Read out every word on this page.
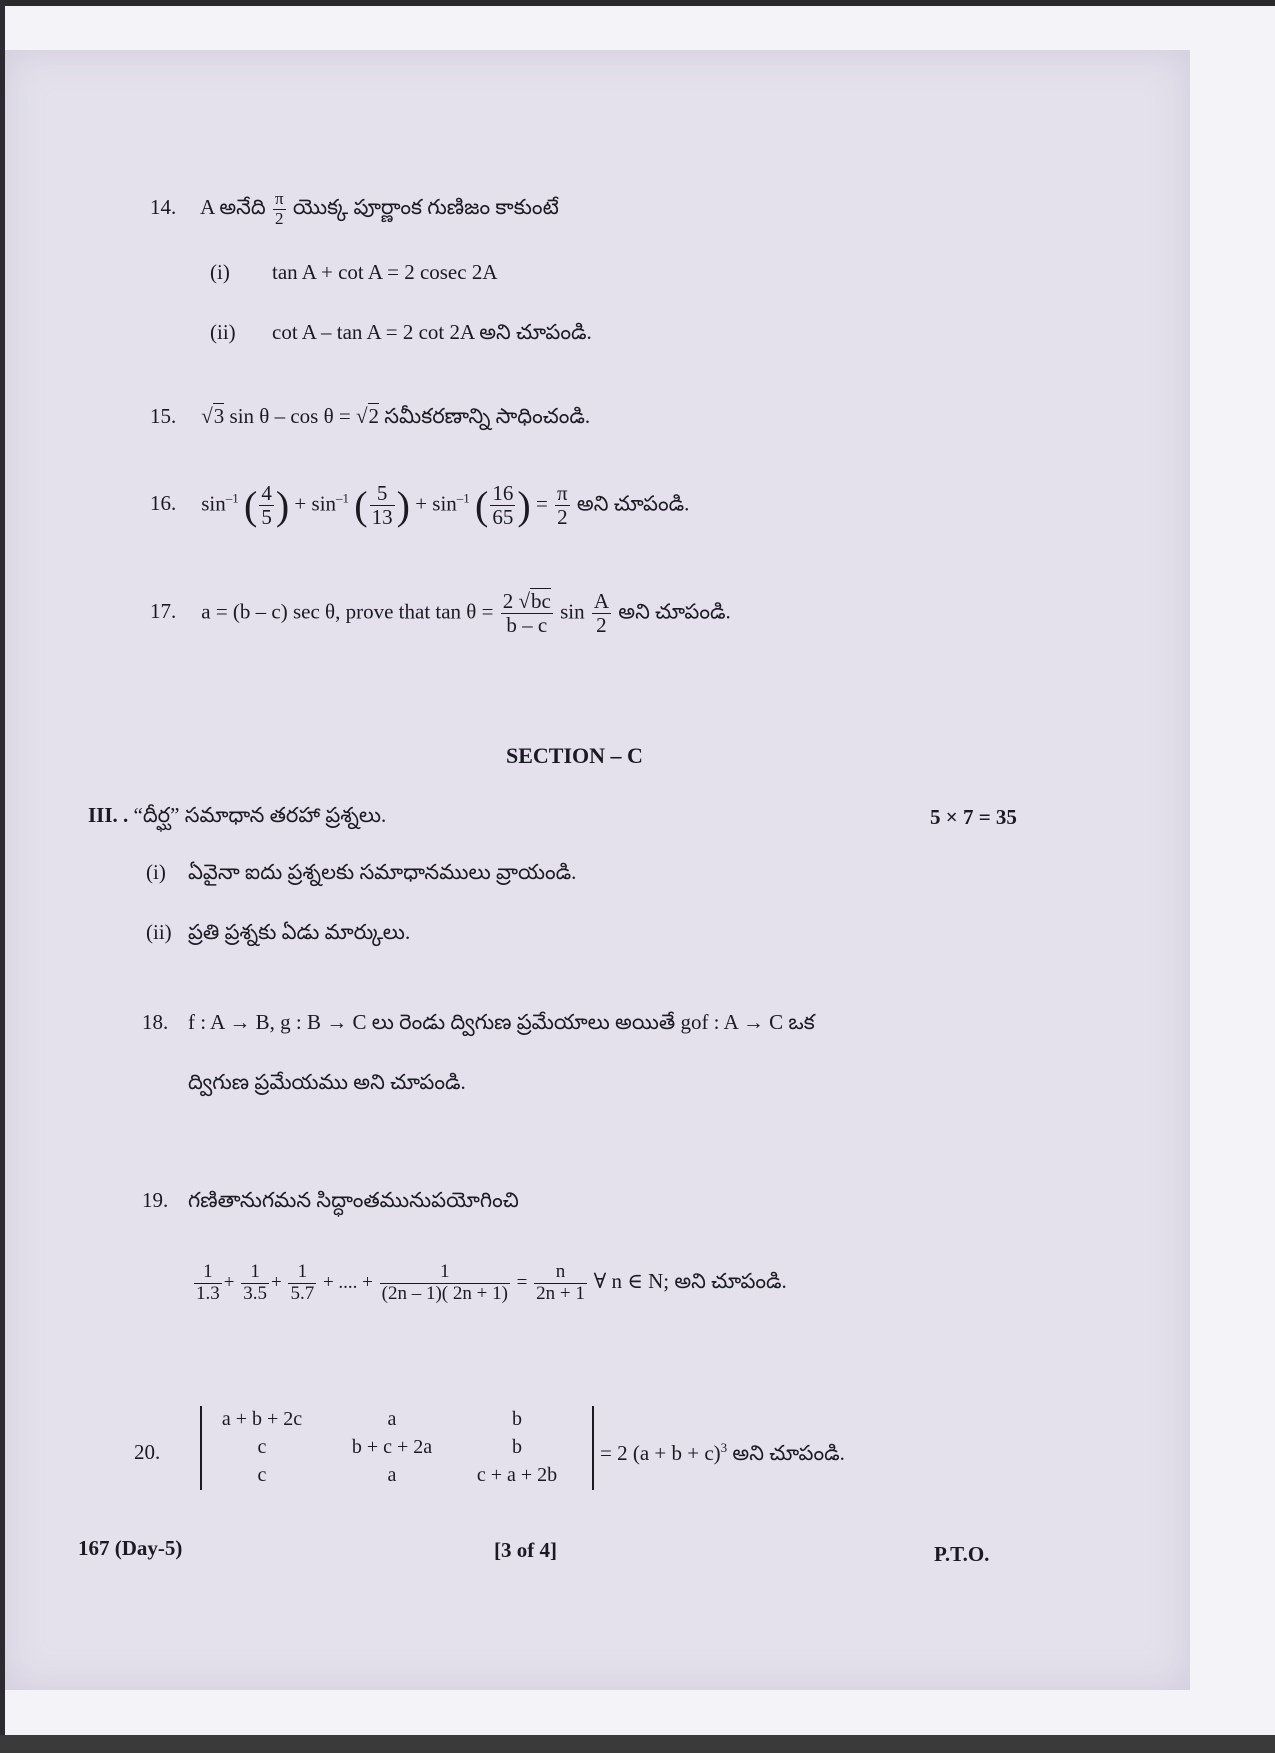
14. A అనేది $\frac{\pi}{2}$ యొక్క పూర్ణాంక గుణిజం కాకుంటే
(i) tan A + cot A = 2 cosec 2A
(ii) cot A – tan A = 2 cot 2A అని చూపండి.
15. √3 sin θ – cos θ = √2 సమీకరణాన్ని సాధించండి.
16. $\sin^{-1}$ ( $\frac{4}{5}$ ) + $\sin^{-1}$ ( $\frac{5}{13}$ ) + $\sin^{-1}$ ( $\frac{16}{65}$ ) = $\frac{\pi}{2}$ అని చూపండి.
17. a = (b – c) sec θ, prove that $\tan \theta = \frac{2 √bc}{b - c}$ $\sin \frac{A}{2}$ అని చూపండి.
SECTION – C
III. . “దీర్ఘ” సమాధాన తరహా ప్రశ్నలు.	5 × 7 = 35
(i) ఏవైనా ఐదు ప్రశ్నలకు సమాధానములు వ్రాయండి.
(ii) ప్రతి ప్రశ్నకు ఏడు మార్కులు.
18. f : A → B, g : B → C లు రెండు ద్విగుణ ప్రమేయాలు అయితే gof : A → C ఒక
ద్విగుణ ప్రమేయము అని చూపండి.
19. గణితానుగమన సిద్ధాంతమునుపయోగించి
$\frac{1}{1.3} + \frac{1}{3.5} + \frac{1}{5.7}$ + .... + $\frac{1}{(2n - 1)( 2n + 1)} = \frac{n}{2n + 1}$ ∀ n ∈ N; అని చూపండి.
20.
a + b + 2c	a	b
c	b + c + 2a	b
c	a	c + a + 2b
= 2 $(a + b + c)^3$ అని చూపండి.
167 (Day-5)	[3 of 4]	P.T.O.
